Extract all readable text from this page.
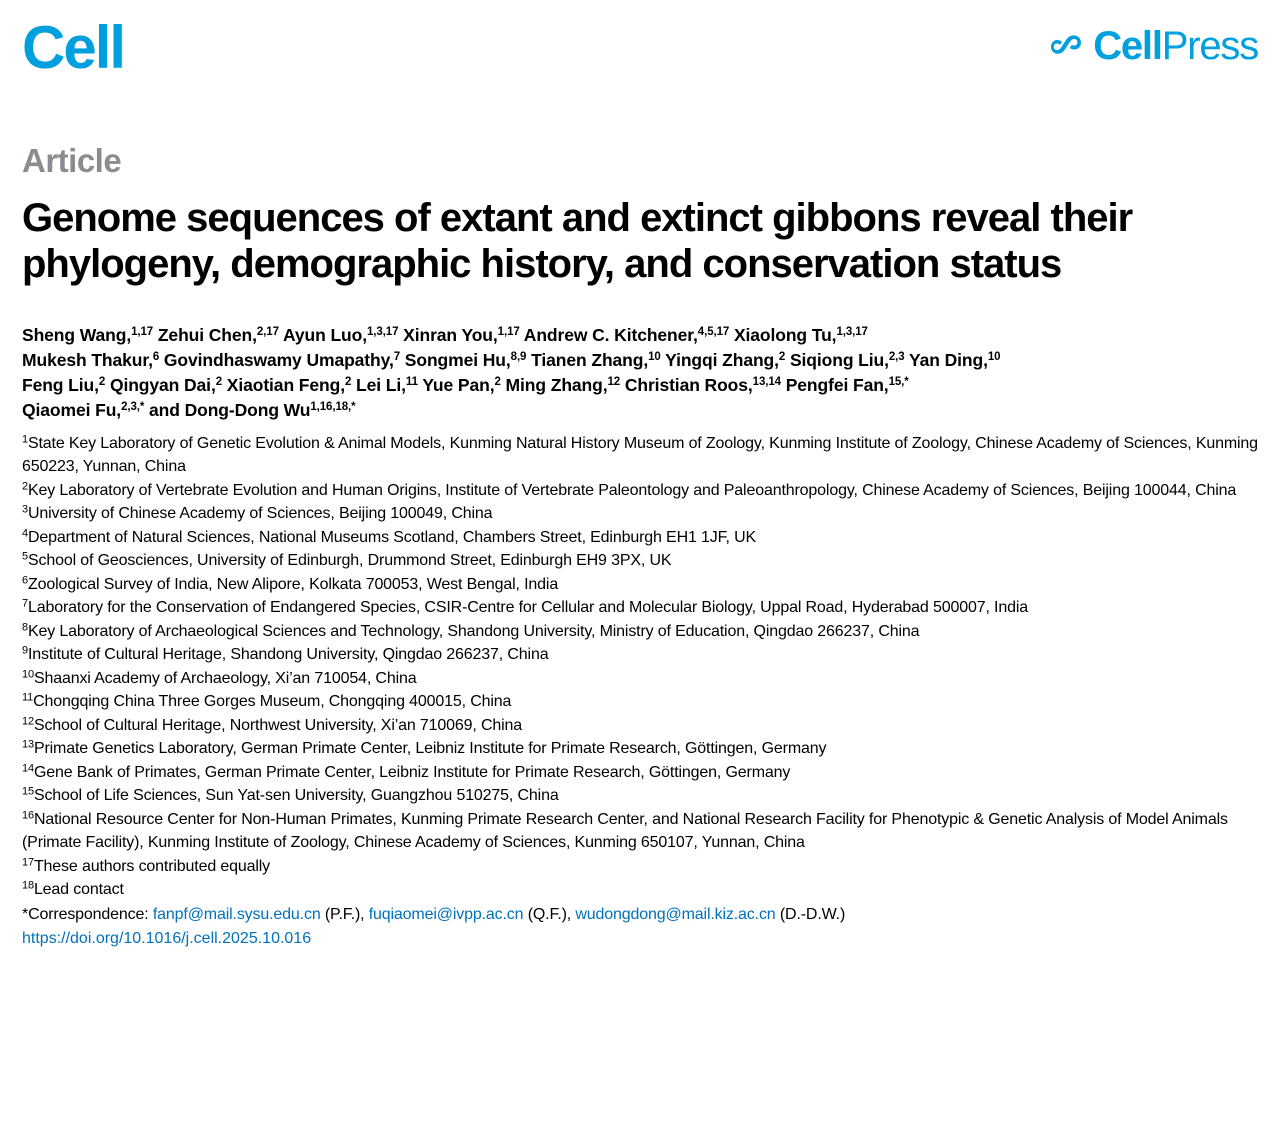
Cell	CellPress
Article
Genome sequences of extant and extinct gibbons reveal their phylogeny, demographic history, and conservation status
Sheng Wang,$^{1,17}$ Zehui Chen,$^{2,17}$ Ayun Luo,$^{1,3,17}$ Xinran You,$^{1,17}$ Andrew C. Kitchener,$^{4,5,17}$ Xiaolong Tu,$^{1,3,17}$
Mukesh Thakur,$^6$ Govindhaswamy Umapathy,$^7$ Songmei Hu,$^{8,9}$ Tianen Zhang,$^{10}$ Yingqi Zhang,$^2$ Siqiong Liu,$^{2,3}$ Yan Ding,$^{10}$
Feng Liu,$^2$ Qingyan Dai,$^2$ Xiaotian Feng,$^2$ Lei Li,$^{11}$ Yue Pan,$^2$ Ming Zhang,$^{12}$ Christian Roos,$^{13,14}$ Pengfei Fan,$^{15,*}$
Qiaomei Fu,$^{2,3,*}$ and Dong-Dong $Wu^{1,16,18,*}$

$^1$State Key Laboratory of Genetic Evolution & Animal Models, Kunming Natural History Museum of Zoology, Kunming Institute of Zoology, Chinese Academy of Sciences, Kunming 650223, Yunnan, China

$^2$Key Laboratory of Vertebrate Evolution and Human Origins, Institute of Vertebrate Paleontology and Paleoanthropology, Chinese Academy of Sciences, Beijing 100044, China

$^3$University of Chinese Academy of Sciences, Beijing 100049, China

$^4$Department of Natural Sciences, National Museums Scotland, Chambers Street, Edinburgh EH1 1JF, UK

$^5$School of Geosciences, University of Edinburgh, Drummond Street, Edinburgh EH9 3PX, UK

$^6$Zoological Survey of India, New Alipore, Kolkata 700053, West Bengal, India

$^7$Laboratory for the Conservation of Endangered Species, CSIR-Centre for Cellular and Molecular Biology, Uppal Road, Hyderabad 500007, India

$^8$Key Laboratory of Archaeological Sciences and Technology, Shandong University, Ministry of Education, Qingdao 266237, China

$^9$Institute of Cultural Heritage, Shandong University, Qingdao 266237, China

$^{10}$Shaanxi Academy of Archaeology, Xi’an 710054, China

$^{11}$Chongqing China Three Gorges Museum, Chongqing 400015, China

$^{12}$School of Cultural Heritage, Northwest University, Xi’an 710069, China

$^{13}$Primate Genetics Laboratory, German Primate Center, Leibniz Institute for Primate Research, Göttingen, Germany

$^{14}$Gene Bank of Primates, German Primate Center, Leibniz Institute for Primate Research, Göttingen, Germany

$^{15}$School of Life Sciences, Sun Yat-sen University, Guangzhou 510275, China

$^{16}$National Resource Center for Non-Human Primates, Kunming Primate Research Center, and National Research Facility for Phenotypic & Genetic Analysis of Model Animals (Primate Facility), Kunming Institute of Zoology, Chinese Academy of Sciences, Kunming 650107, Yunnan, China

$^{17}$These authors contributed equally

$^{18}$Lead contact

*Correspondence: fanpf@mail.sysu.edu.cn (P.F.), fuqiaomei@ivpp.ac.cn (Q.F.), wudongdong@mail.kiz.ac.cn (D.-D.W.)
https://doi.org/10.1016/j.cell.2025.10.016
